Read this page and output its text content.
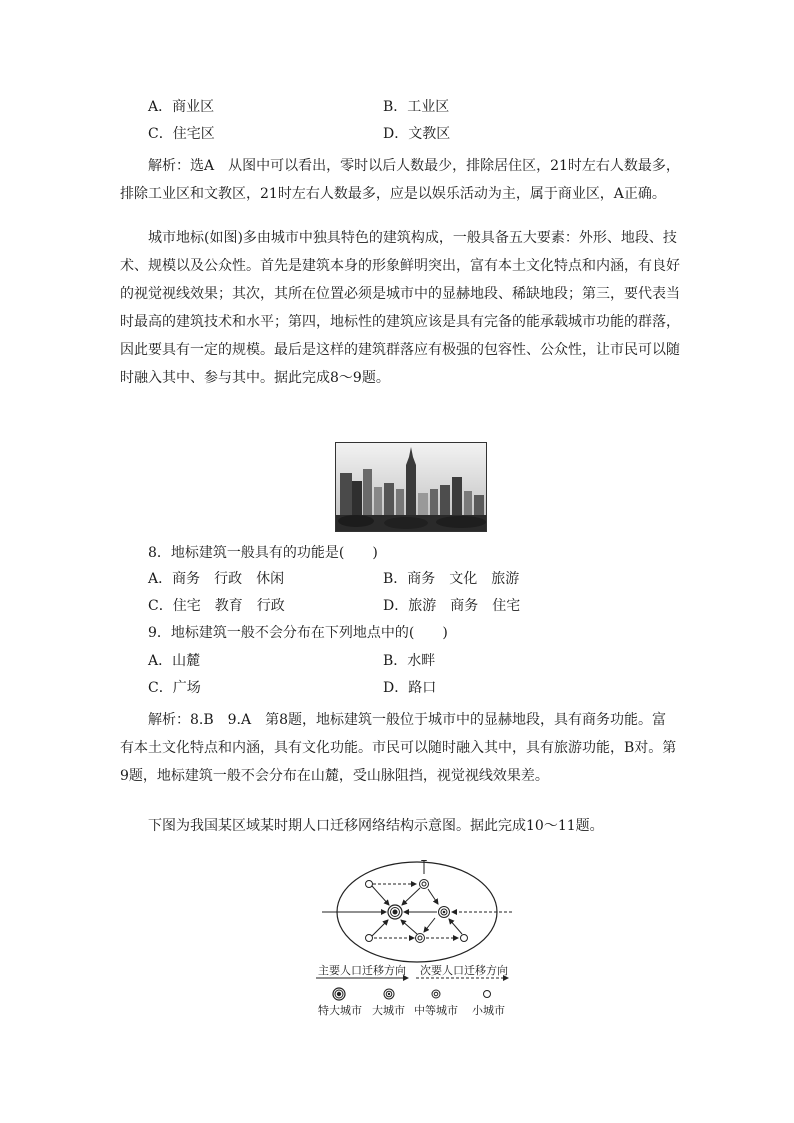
A．商业区	B．工业区
C．住宅区	D．文教区
解析：选A　从图中可以看出，零时以后人数最少，排除居住区，21时左右人数最多，排除工业区和文教区，21时左右人数最多，应是以娱乐活动为主，属于商业区，A正确。
城市地标(如图)多由城市中独具特色的建筑构成，一般具备五大要素：外形、地段、技术、规模以及公众性。首先是建筑本身的形象鲜明突出，富有本土文化特点和内涵，有良好的视觉视线效果；其次，其所在位置必须是城市中的显赫地段、稀缺地段；第三，要代表当时最高的建筑技术和水平；第四，地标性的建筑应该是具有完备的能承载城市功能的群落，因此要具有一定的规模。最后是这样的建筑群落应有极强的包容性、公众性，让市民可以随时融入其中、参与其中。据此完成8～9题。
8．地标建筑一般具有的功能是(　　)
A．商务　行政　休闲	B．商务　文化　旅游
C．住宅　教育　行政	D．旅游　商务　住宅
9．地标建筑一般不会分布在下列地点中的(　　)
A．山麓	B．水畔
C．广场	D．路口
解析：8.B　9.A　第8题，地标建筑一般位于城市中的显赫地段，具有商务功能。富有本土文化特点和内涵，具有文化功能。市民可以随时融入其中，具有旅游功能，B对。第9题，地标建筑一般不会分布在山麓，受山脉阻挡，视觉视线效果差。
下图为我国某区域某时期人口迁移网络结构示意图。据此完成10～11题。
主要人口迁移方向 次要人口迁移方向
特大城市 大城市 中等城市 小城市
